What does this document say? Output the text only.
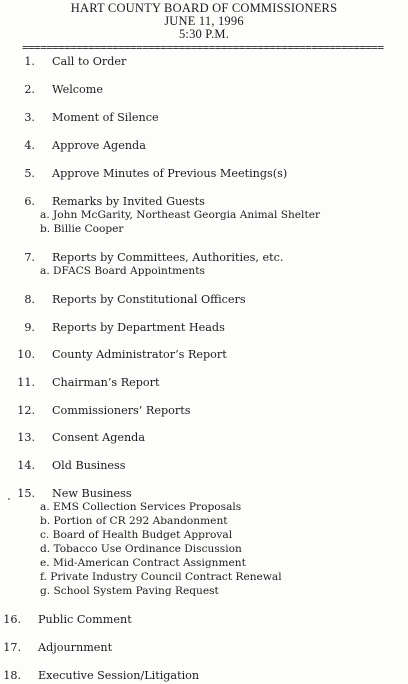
HART COUNTY BOARD OF COMMISSIONERS
JUNE 11, 1996
5:30 P.M.
============================================================
1. Call to Order
2. Welcome
3. Moment of Silence
4. Approve Agenda
5. Approve Minutes of Previous Meetings(s)
6. Remarks by Invited Guests
a. John McGarity, Northeast Georgia Animal Shelter
b. Billie Cooper
7. Reports by Committees, Authorities, etc.
a. DFACS Board Appointments
8. Reports by Constitutional Officers
9. Reports by Department Heads
10. County Administrator’s Report
11. Chairman’s Report
12. Commissioners’ Reports
13. Consent Agenda
14. Old Business
15. New Business
a. EMS Collection Services Proposals
b. Portion of CR 292 Abandonment
c. Board of Health Budget Approval
d. Tobacco Use Ordinance Discussion
e. Mid-American Contract Assignment
f. Private Industry Council Contract Renewal
g. School System Paving Request
16. Public Comment
17. Adjournment
18. Executive Session/Litigation
